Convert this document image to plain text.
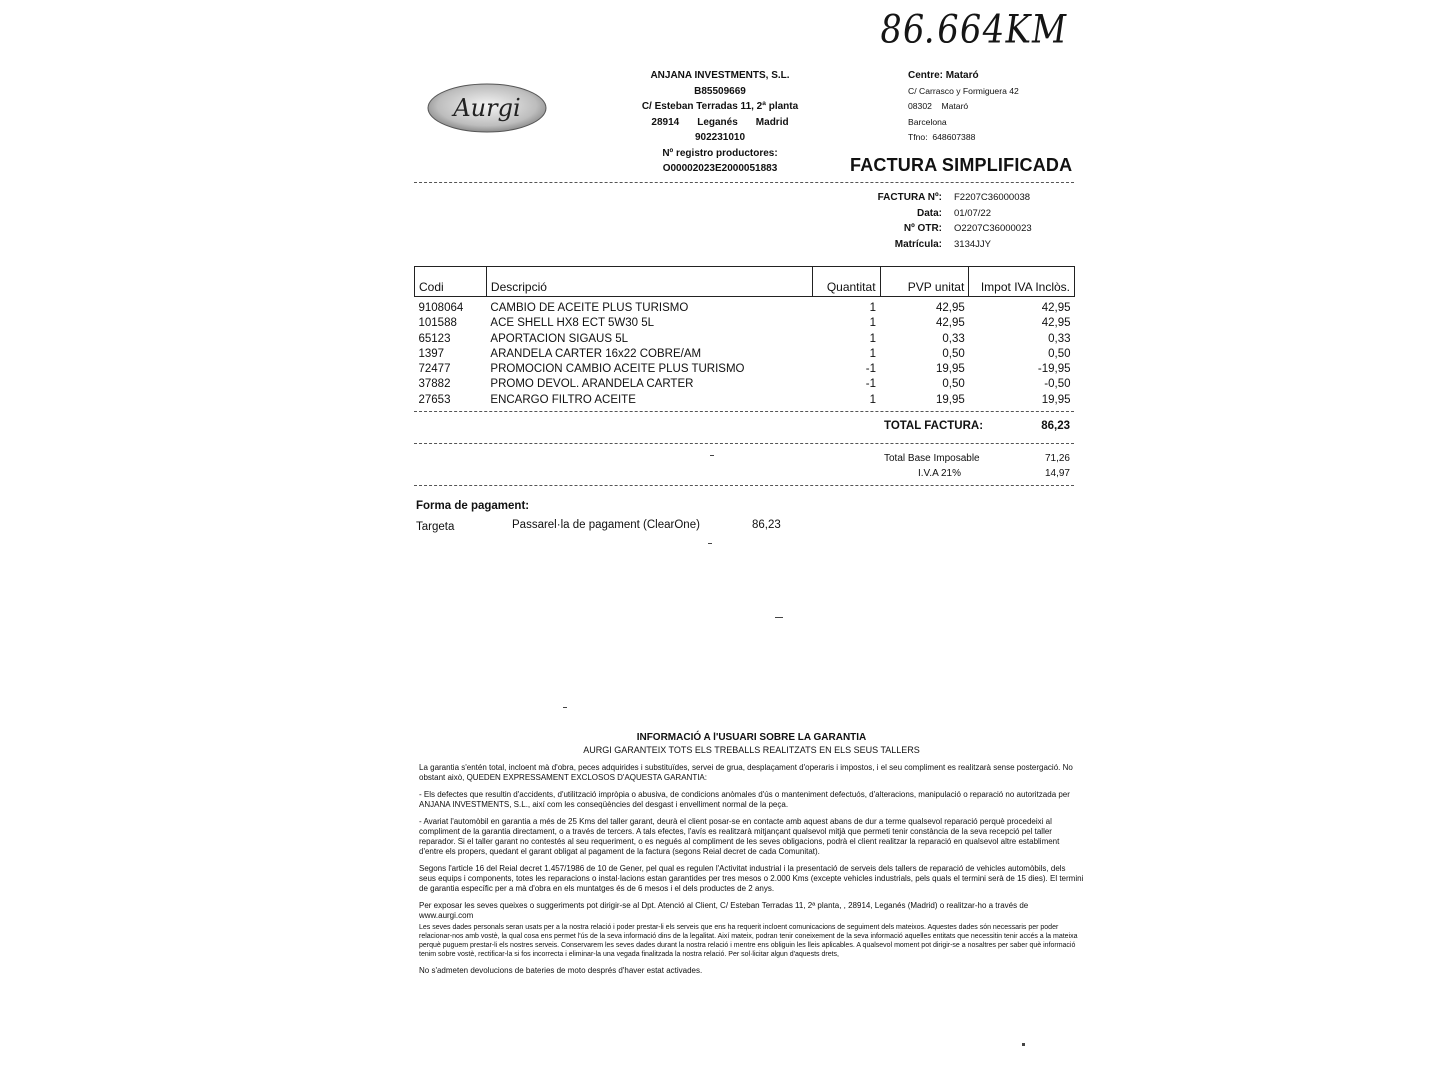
86.664KM
Aurgi
ANJANA INVESTMENTS, S.L.
B85509669
C/ Esteban Terradas 11, 2ª planta
28914 Leganés Madrid
902231010
Nº registro productores:
O00002023E2000051883
Centre: Mataró
C/ Carrasco y Formiguera 42
08302 Mataró
Barcelona
Tfno: 648607388
FACTURA SIMPLIFICADA
FACTURA Nº:	F2207C36000038
Data:	01/07/22
Nº OTR:	O2207C36000023
Matrícula:	3134JJY
Codi	Descripció	Quantitat	PVP unitat	Impot IVA Inclòs.

9108064	CAMBIO DE ACEITE PLUS TURISMO	1	42,95	42,95
101588	ACE SHELL HX8 ECT 5W30 5L	1	42,95	42,95
65123	APORTACION SIGAUS 5L	1	0,33	0,33
1397	ARANDELA CARTER 16x22 COBRE/AM	1	0,50	0,50
72477	PROMOCION CAMBIO ACEITE PLUS TURISMO	-1	19,95	-19,95
37882	PROMO DEVOL. ARANDELA CARTER	-1	0,50	-0,50
27653	ENCARGO FILTRO ACEITE	1	19,95	19,95
TOTAL FACTURA:	86,23
Total Base Imposable	71,26
I.V.A 21%	14,97
Forma de pagament:
Targeta	Passarel·la de pagament (ClearOne)	86,23
INFORMACIÓ A l'USUARI SOBRE LA GARANTIA
AURGI GARANTEIX TOTS ELS TREBALLS REALITZATS EN ELS SEUS TALLERS

La garantia s'entén total, incloent mà d'obra, peces adquirides i substituïdes, servei de grua, desplaçament d'operaris i impostos, i el seu compliment es realitzarà sense postergació. No obstant això, QUEDEN EXPRESSAMENT EXCLOSOS D'AQUESTA GARANTIA:

- Els defectes que resultin d'accidents, d'utilització impròpia o abusiva, de condicions anòmales d'ús o manteniment defectuós, d'alteracions, manipulació o reparació no autoritzada per ANJANA INVESTMENTS, S.L., així com les conseqüències del desgast i envelliment normal de la peça.

- Avariat l'automòbil en garantia a més de 25 Kms del taller garant, deurà el client posar-se en contacte amb aquest abans de dur a terme qualsevol reparació perquè procedeixi al compliment de la garantia directament, o a través de tercers. A tals efectes, l'avís es realitzarà mitjançant qualsevol mitjà que permeti tenir constància de la seva recepció pel taller reparador. Si el taller garant no contestés al seu requeriment, o es negués al compliment de les seves obligacions, podrà el client realitzar la reparació en qualsevol altre establiment d'entre els propers, quedant el garant obligat al pagament de la factura (segons Reial decret de cada Comunitat).

Segons l'article 16 del Reial decret 1.457/1986 de 10 de Gener, pel qual es regulen l'Activitat industrial i la presentació de serveis dels tallers de reparació de vehicles automòbils, dels seus equips i components, totes les reparacions o instal·lacions estan garantides per tres mesos o 2.000 Kms (excepte vehicles industrials, pels quals el termini serà de 15 dies). El termini de garantia específic per a mà d'obra en els muntatges és de 6 mesos i el dels productes de 2 anys.

Per exposar les seves queixes o suggeriments pot dirigir-se al Dpt. Atenció al Client, C/ Esteban Terradas 11, 2ª planta, , 28914, Leganés (Madrid) o realitzar-ho a través de www.aurgi.com

Les seves dades personals seran usats per a la nostra relació i poder prestar-li els serveis que ens ha requerit incloent comunicacions de seguiment dels mateixos. Aquestes dades són necessaris per poder relacionar-nos amb vostè, la qual cosa ens permet l'ús de la seva informació dins de la legalitat. Així mateix, podran tenir coneixement de la seva informació aquelles entitats que necessitin tenir accés a la mateixa perquè puguem prestar-li els nostres serveis. Conservarem les seves dades durant la nostra relació i mentre ens obliguin les lleis aplicables. A qualsevol moment pot dirigir-se a nosaltres per saber què informació tenim sobre vostè, rectificar-la si fos incorrecta i eliminar-la una vegada finalitzada la nostra relació. Per sol·licitar algun d'aquests drets,

No s'admeten devolucions de bateries de moto després d'haver estat activades.
